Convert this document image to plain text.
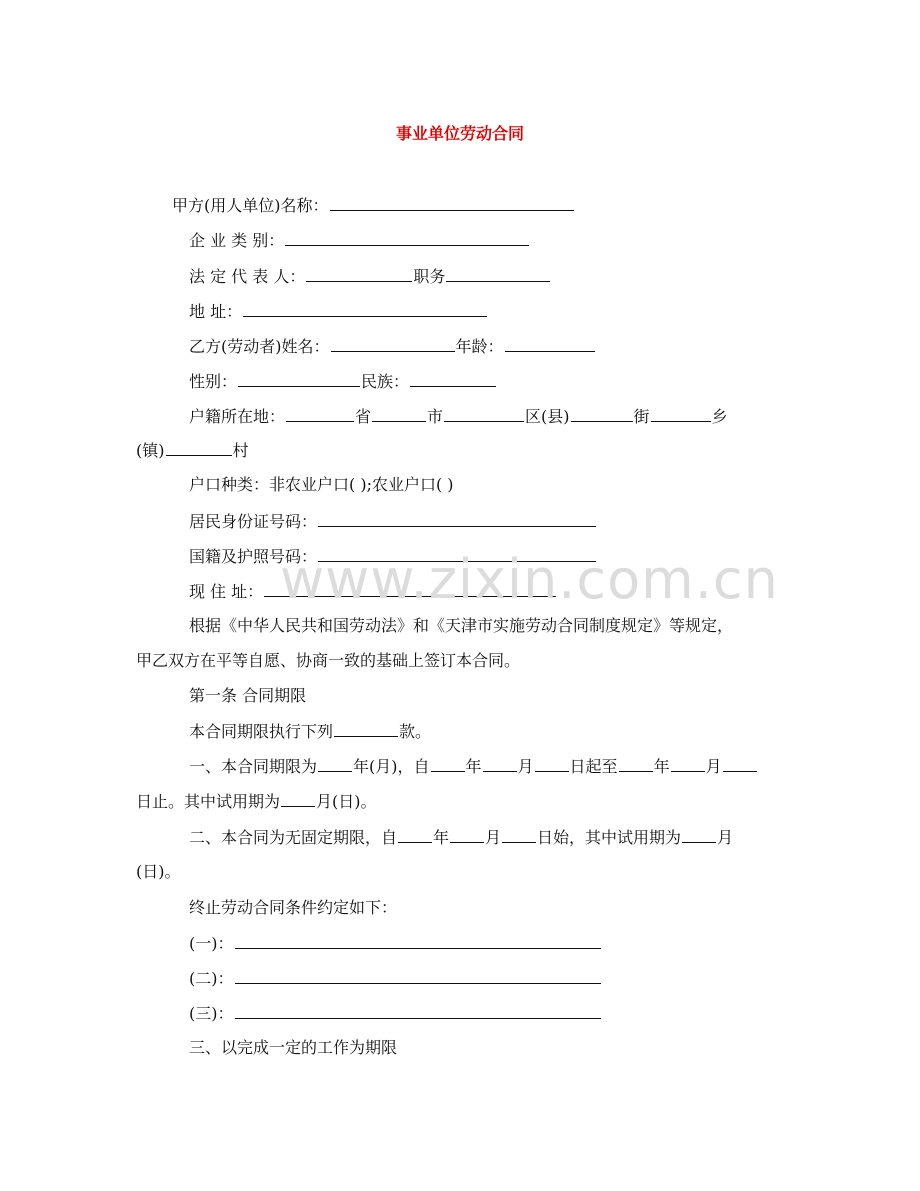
事业单位劳动合同
甲方(用人单位)名称：
企 业 类 别：
法 定 代 表 人：	职务
地 址：
乙方(劳动者)姓名：	年龄：
性别：	民族：
户籍所在地：	省	市	区(县)	街	乡
(镇)	村
户口种类：非农业户口( );农业户口( )
居民身份证号码：
国籍及护照号码：
现 住 址： www.zixin.com.cn
根据《中华人民共和国劳动法》和《天津市实施劳动合同制度规定》等规定，
甲乙双方在平等自愿、协商一致的基础上签订本合同。
第一条 合同期限
本合同期限执行下列	款。
一、本合同期限为 年(月)，自 年 月 日起至 年 月
日止。其中试用期为 月(日)。
二、本合同为无固定期限，自 年 月 日始，其中试用期为 月
(日)。
终止劳动合同条件约定如下：
(一)：
(二)：
(三)：
三、以完成一定的工作为期限
